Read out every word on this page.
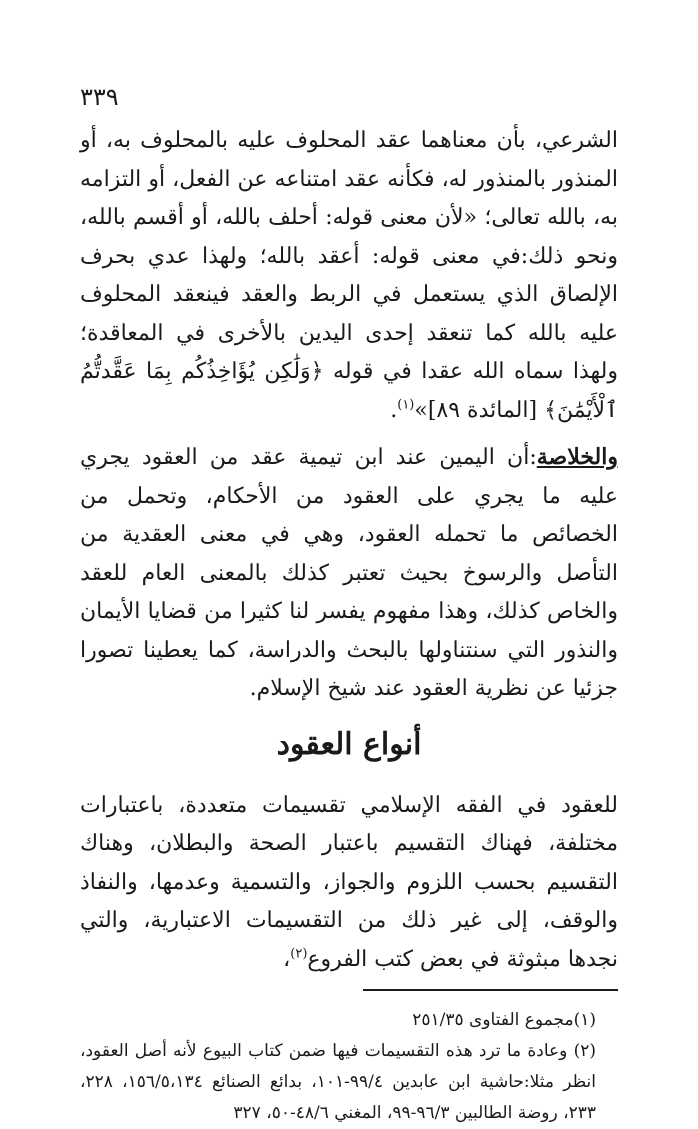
٣٣٩

الشرعي، بأن معناهما عقد المحلوف عليه بالمحلوف به، أو المنذور بالمنذور له، فكأنه عقد امتناعه عن الفعل، أو التزامه به، بالله تعالى؛ «لأن معنى قوله: أحلف بالله، أو أقسم بالله، ونحو ذلك:في معنى قوله: أعقد بالله؛ ولهذا عدي بحرف الإلصاق الذي يستعمل في الربط والعقد فينعقد المحلوف عليه بالله كما تنعقد إحدى اليدين بالأخرى في المعاقدة؛ ولهذا سماه الله عقدا في قوله ﴿وَلَٰكِن يُؤَاخِذُكُم بِمَا عَقَّدتُّمُ ٱلْأَيْمَٰنَ﴾ [المائدة ٨٩]»$^{(١)}$.

والخلاصة:أن اليمين عند ابن تيمية عقد من العقود يجري عليه ما يجري على العقود من الأحكام، وتحمل من الخصائص ما تحمله العقود، وهي في معنى العقدية من التأصل والرسوخ بحيث تعتبر كذلك بالمعنى العام للعقد والخاص كذلك، وهذا مفهوم يفسر لنا كثيرا من قضايا الأيمان والنذور التي سنتناولها بالبحث والدراسة، كما يعطينا تصورا جزئيا عن نظرية العقود عند شيخ الإسلام.

أنواع العقود

للعقود في الفقه الإسلامي تقسيمات متعددة، باعتبارات مختلفة، فهناك التقسيم باعتبار الصحة والبطلان، وهناك التقسيم بحسب اللزوم والجواز، والتسمية وعدمها، والنفاذ والوقف، إلى غير ذلك من التقسيمات الاعتبارية، والتي نجدها مبثوثة في بعض كتب الفروع$^{(٢)}$،

(١)مجموع الفتاوى ٢٥١/٣٥

(٢) وعادة ما ترد هذه التقسيمات فيها ضمن كتاب البيوع لأنه أصل العقود، انظر مثلا:حاشية ابن عابدين ٩٩/٤-١٠١، بدائع الصنائع ١٥٦/٥،١٣٤، ٢٢٨، ٢٣٣، روضة الطالبين ٩٦/٣-٩٩، المغني ٤٨/٦-٥٠، ٣٢٧
